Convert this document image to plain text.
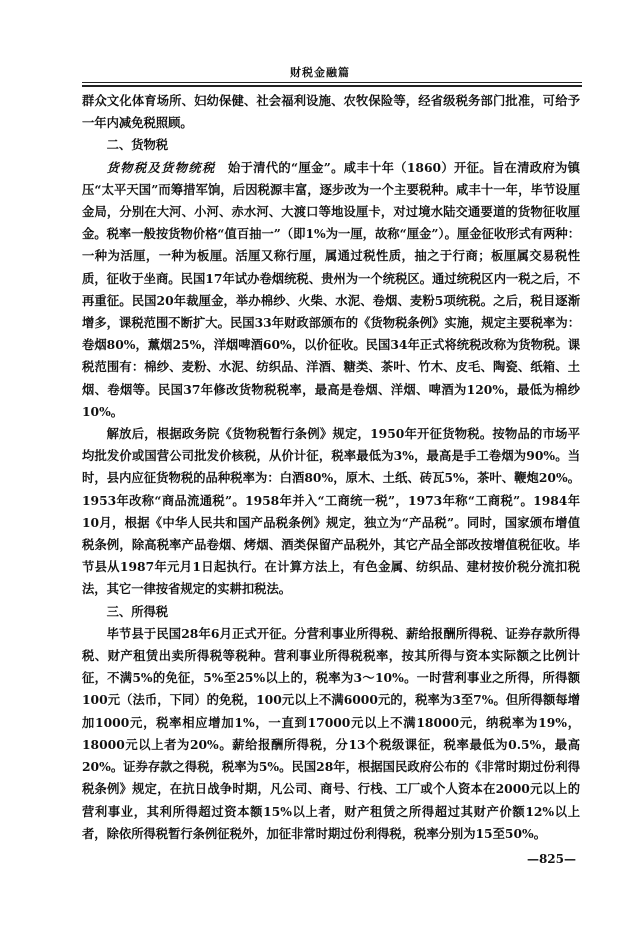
财税金融篇

群众文化体育场所、妇幼保健、社会福利设施、农牧保险等，经省级税务部门批准，可给予一年内减免税照顾。

二、货物税

货物税及货物统税 始于清代的“厘金”。咸丰十年（1860）开征。旨在清政府为镇压“太平天国”而筹措军饷，后因税源丰富，逐步改为一个主要税种。咸丰十一年，毕节设厘金局，分别在大河、小河、赤水河、大渡口等地设厘卡，对过境水陆交通要道的货物征收厘金。税率一般按货物价格“值百抽一”（即1%为一厘，故称“厘金”）。厘金征收形式有两种：一种为活厘，一种为板厘。活厘又称行厘，属通过税性质，抽之于行商；板厘属交易税性质，征收于坐商。民国17年试办卷烟统税、贵州为一个统税区。通过统税区内一税之后，不再重征。民国20年裁厘金，举办棉纱、火柴、水泥、卷烟、麦粉5项统税。之后，税目逐渐增多，课税范围不断扩大。民国33年财政部颁布的《货物税条例》实施，规定主要税率为：卷烟80%，薰烟25%，洋烟啤酒60%，以价征收。民国34年正式将统税改称为货物税。课税范围有：棉纱、麦粉、水泥、纺织品、洋酒、糖类、茶叶、竹木、皮毛、陶瓷、纸箱、土烟、卷烟等。民国37年修改货物税税率，最高是卷烟、洋烟、啤酒为120%，最低为棉纱10%。

解放后，根据政务院《货物税暂行条例》规定，1950年开征货物税。按物品的市场平均批发价或国营公司批发价核税，从价计征，税率最低为3%，最高是手工卷烟为90%。当时，县内应征货物税的品种税率为：白酒80%，原木、土纸、砖瓦5%，茶叶、鞭炮20%。1953年改称“商品流通税”。1958年并入“工商统一税”，1973年称“工商税”。1984年10月，根据《中华人民共和国产品税条例》规定，独立为“产品税”。同时，国家颁布增值税条例，除高税率产品卷烟、烤烟、酒类保留产品税外，其它产品全部改按增值税征收。毕节县从1987年元月1日起执行。在计算方法上，有色金属、纺织品、建材按价税分流扣税法，其它一律按省规定的实耕扣税法。

三、所得税

毕节县于民国28年6月正式开征。分营利事业所得税、薪给报酬所得税、证券存款所得税、财产租赁出卖所得税等税种。营利事业所得税税率，按其所得与资本实际额之比例计征，不满5%的免征，5%至25%以上的，税率为3～10%。一时营利事业之所得，所得额100元（法币，下同）的免税，100元以上不满6000元的，税率为3至7%。但所得额每增加1000元，税率相应增加1%，一直到17000元以上不满18000元，纳税率为19%，18000元以上者为20%。薪给报酬所得税，分13个税级课征，税率最低为0.5%，最高20%。证券存款之得税，税率为5%。民国28年，根据国民政府公布的《非常时期过份利得税条例》规定，在抗日战争时期，凡公司、商号、行栈、工厂或个人资本在2000元以上的营利事业，其利所得超过资本额15%以上者，财产租赁之所得超过其财产价额12%以上者，除依所得税暂行条例征税外，加征非常时期过份利得税，税率分别为15至50%。

—825—
